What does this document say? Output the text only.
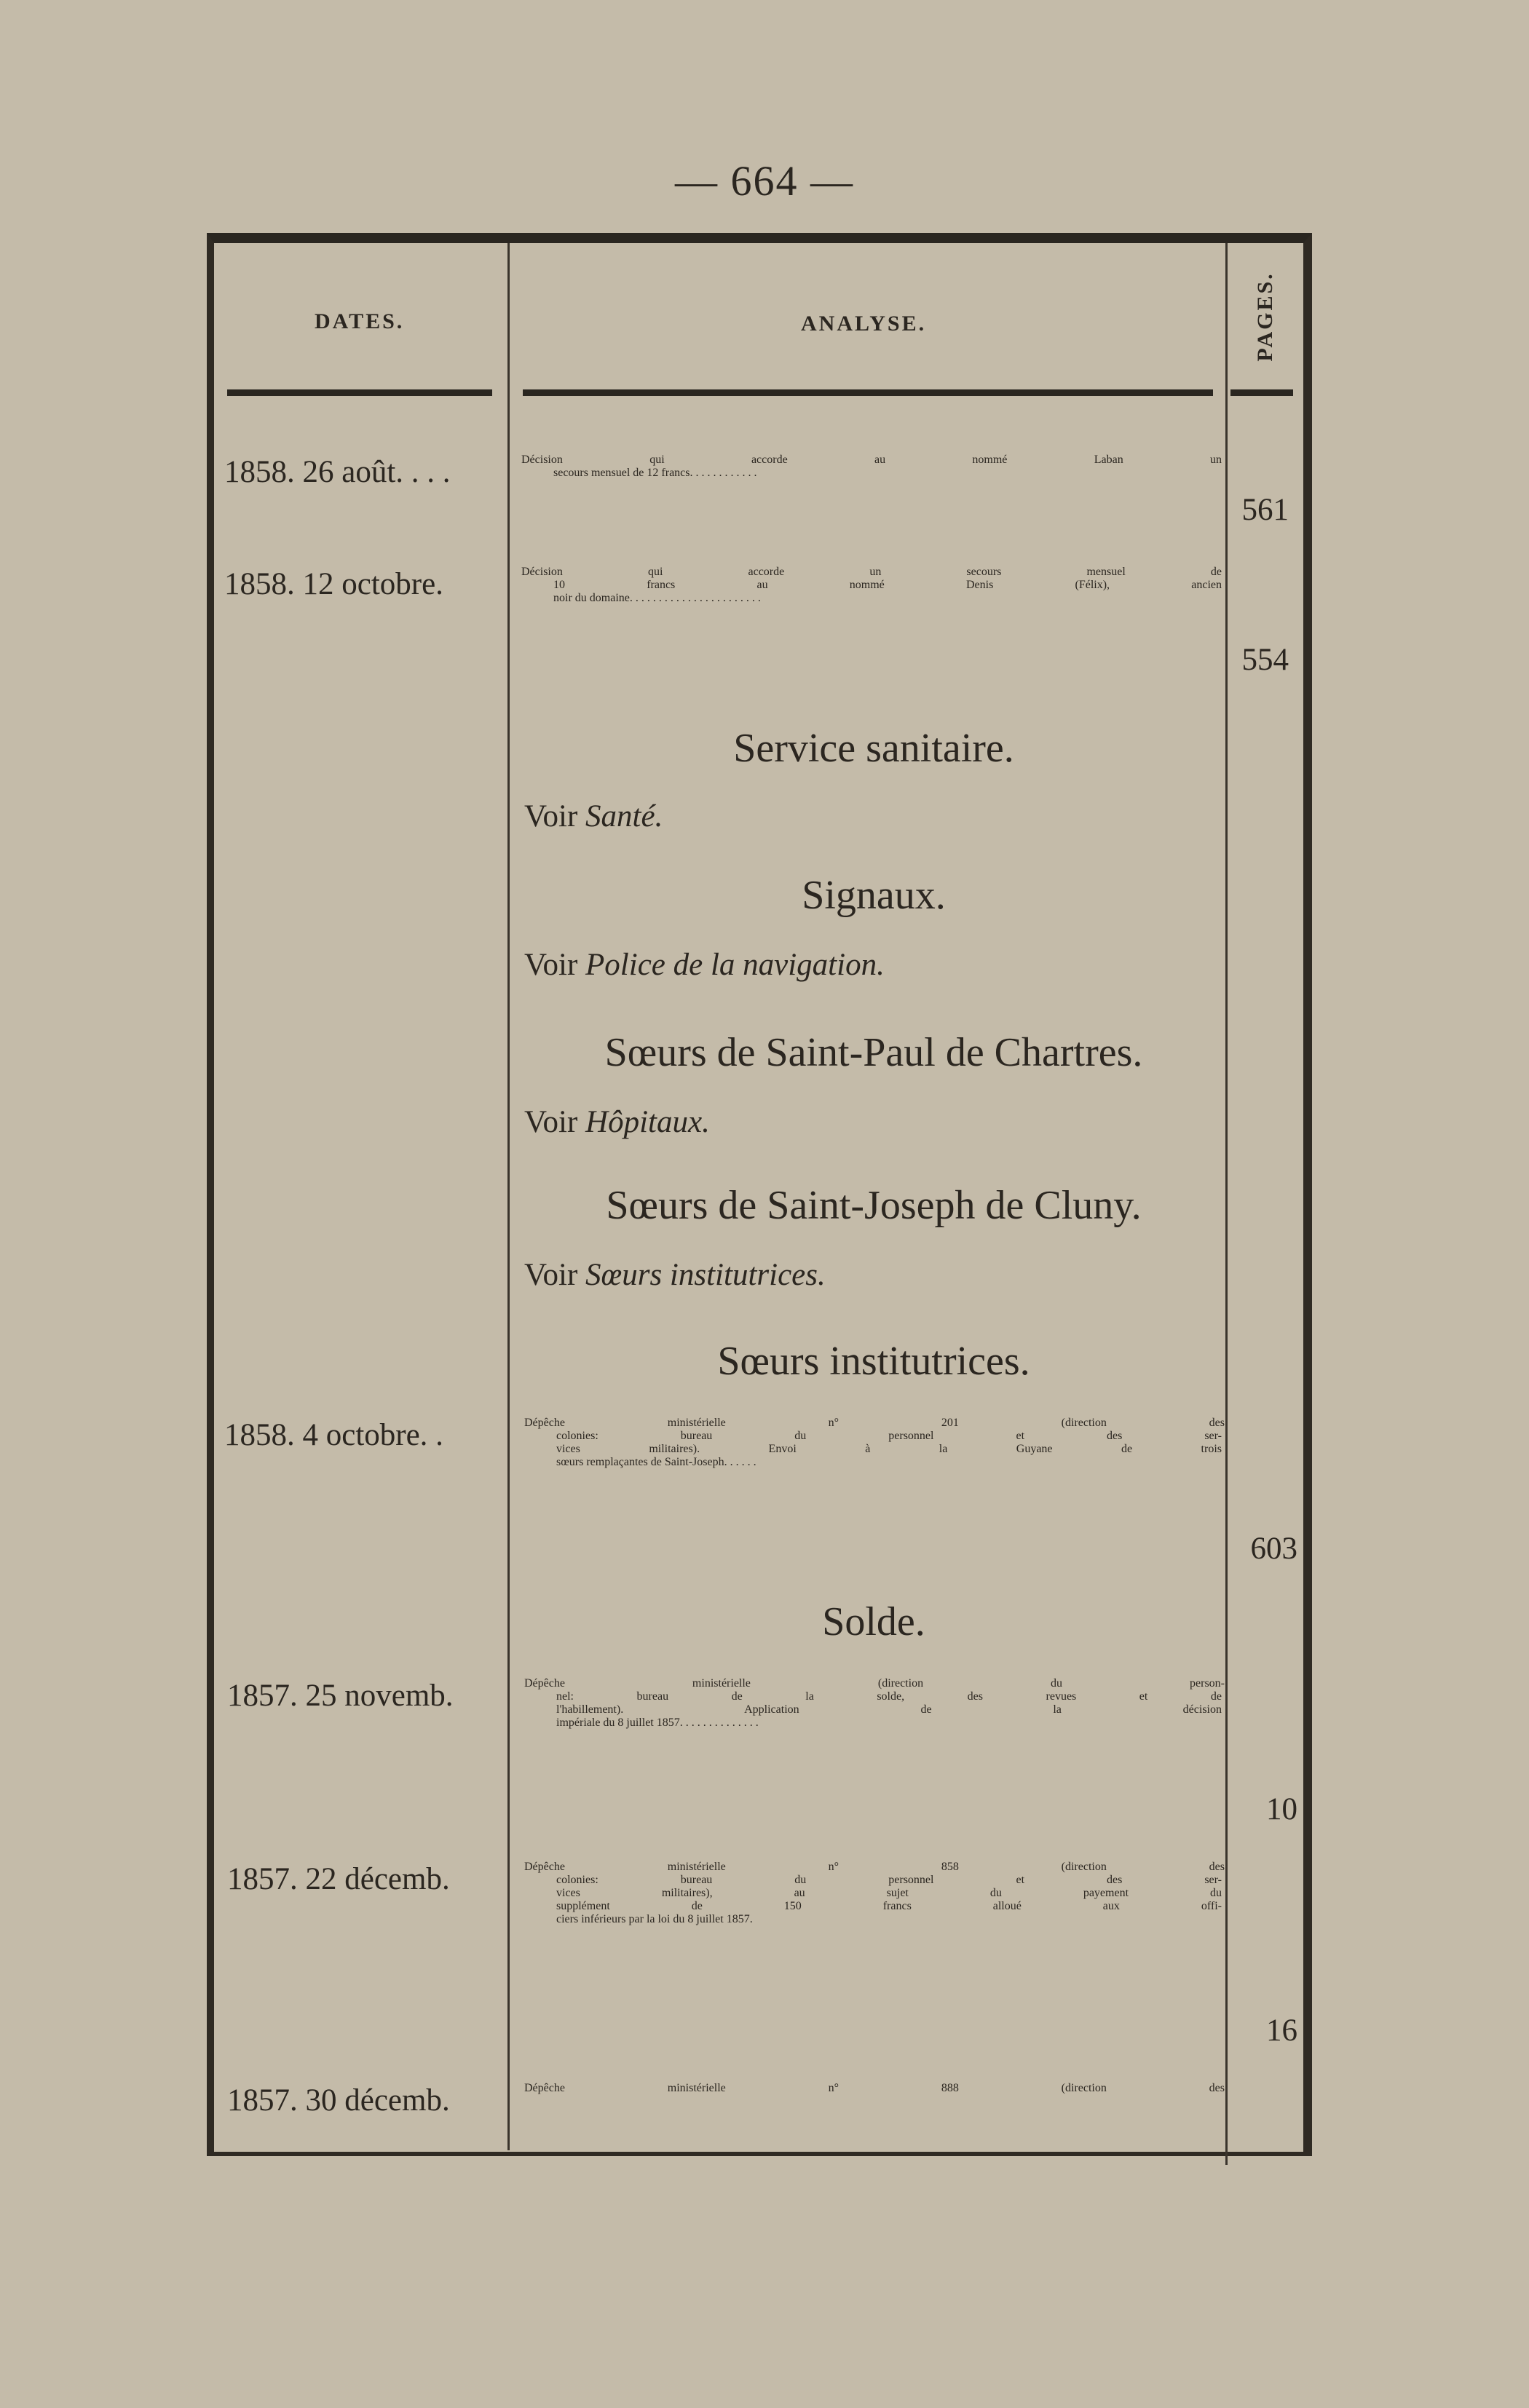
— 664 —
DATES.	ANALYSE.	PAGES.
1858. 26 août. . . .	Décision qui accorde au nommé Laban un
secours mensuel de 12 francs. . . . . . . . . . . .
561
1858. 12 octobre.	Décision qui accorde un secours mensuel de
10 francs au nommé Denis (Félix), ancien
noir du domaine. . . . . . . . . . . . . . . . . . . . . . .
554
Service sanitaire.
Voir Santé.
Signaux.
Voir Police de la navigation.
Sœurs de Saint-Paul de Chartres.
Voir Hôpitaux.
Sœurs de Saint-Joseph de Cluny.
Voir Sœurs institutrices.
Sœurs institutrices.
1858. 4 octobre. .	Dépêche ministérielle n° 201 (direction des
colonies: bureau du personnel et des ser-
vices militaires). Envoi à la Guyane de trois
sœurs remplaçantes de Saint-Joseph. . . . . .
603
Solde.
1857. 25 novemb.	Dépêche ministérielle (direction du person-
nel: bureau de la solde, des revues et de
l'habillement). Application de la décision
impériale du 8 juillet 1857. . . . . . . . . . . . . .
10
1857. 22 décemb.	Dépêche ministérielle n° 858 (direction des
colonies: bureau du personnel et des ser-
vices militaires), au sujet du payement du
supplément de 150 francs alloué aux offi-
ciers inférieurs par la loi du 8 juillet 1857.
16
1857. 30 décemb.	Dépêche ministérielle n° 888 (direction des
